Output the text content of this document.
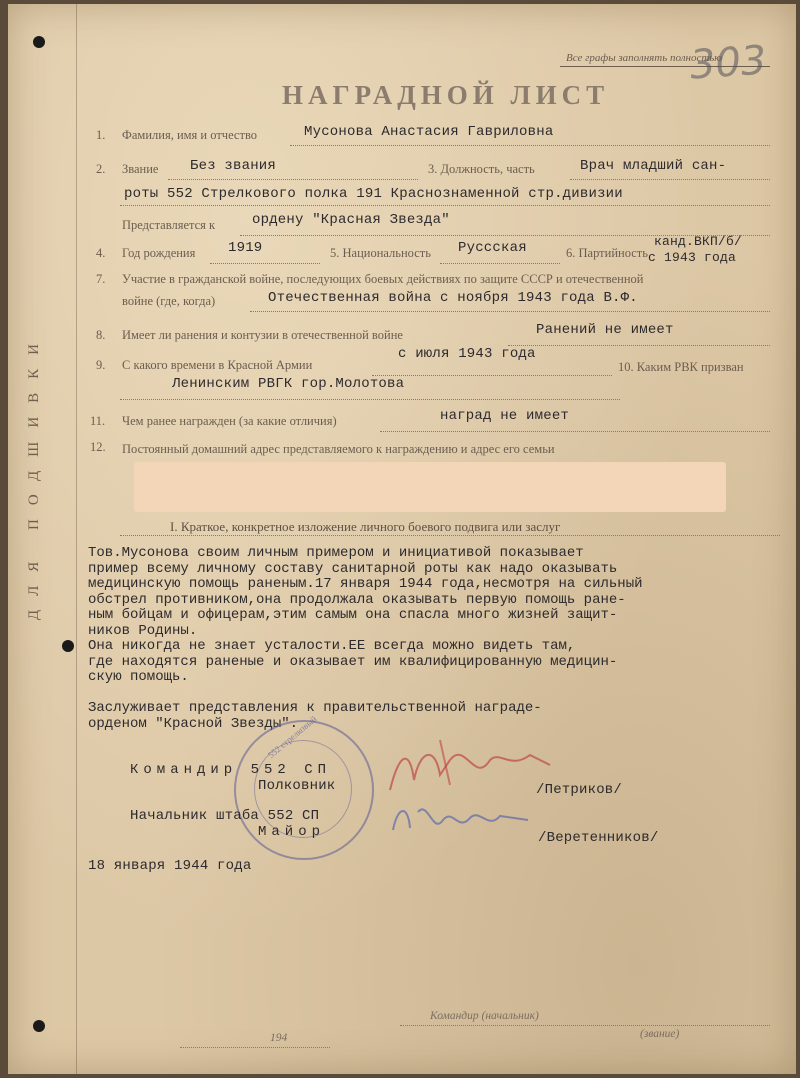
ДЛЯ ПОДШИВКИ
Все графы заполнять полностью
303
НАГРАДНОЙ ЛИСТ
1. Фамилия, имя и отчество	Мусонова Анастасия Гавриловна
2. Звание Без звания	3. Должность, часть	Врач младший сан-
роты 552 Стрелкового полка 191 Краснознаменной стр.дивизии
Представляется к	ордену "Красная Звезда"
4. Год рождения 1919	5. Национальность Руссская	6. Партийность
канд.ВКП/б/
с 1943 года
7. Участие в гражданской войне, последующих боевых действиях по защите СССР и отечественной
войне (где, когда)	Отечественная война с ноября 1943 года В.Ф.
8. Имеет ли ранения и контузии в отечественной войне	Ранений не имеет
9. С какого времени в Красной Армии
с июля 1943 года
10. Каким РВК призван
Ленинским РВГК гор.Молотова
11. Чем ранее награжден (за какие отличия)	наград не имеет
12. Постоянный домашний адрес представляемого к награждению и адрес его семьи
I. Краткое, конкретное изложение личного боевого подвига или заслуг
Тов.Мусонова своим личным примером и инициативой показывает
пример всему личному составу санитарной роты как надо оказывать
медицинскую помощь раненым.17 января 1944 года,несмотря на сильный
обстрел противником,она продолжала оказывать первую помощь ране-
ным бойцам и офицерам,этим самым она спасла много жизней защит-
ников Родины.
Она никогда не знает усталости.ЕЕ всегда можно видеть там,
где находятся раненые и оказывает им квалифицированную медицин-
скую помощь.

Заслуживает представления к правительственной награде-
орденом "Красной Звезды".
552 стрелковый
Командир 552 СП
Полковник	/Петриков/
Начальник штаба 552 СП
Майор	/Веретенников/
18 января 1944 года
Командир (начальник)
(звание)
194
